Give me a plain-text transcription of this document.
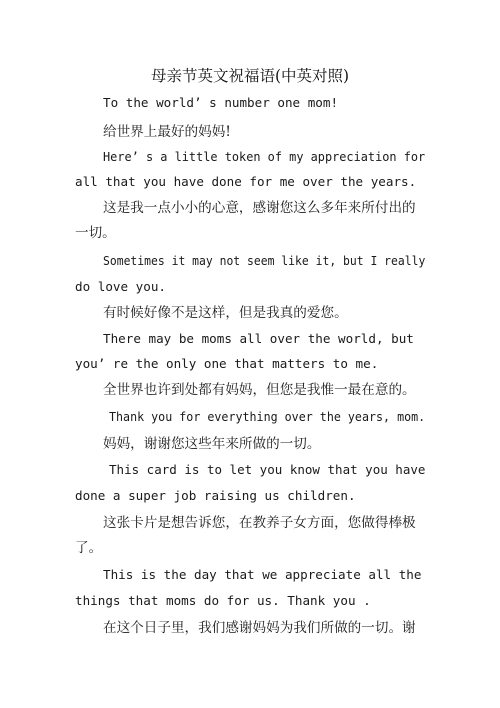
母亲节英文祝福语(中英对照)
To the world’ s number one mom!
给世界上最好的妈妈!
Here’ s a little token of my appreciation for
all that you have done for me over the years.
这是我一点小小的心意，感谢您这么多年来所付出的
一切。
Sometimes it may not seem like it, but I really
do love you.
有时候好像不是这样，但是我真的爱您。
There may be moms all over the world, but
you’ re the only one that matters to me.
全世界也许到处都有妈妈，但您是我惟一最在意的。
Thank you for everything over the years, mom.
妈妈，谢谢您这些年来所做的一切。
This card is to let you know that you have
done a super job raising us children.
这张卡片是想告诉您，在教养子女方面，您做得棒极
了。
This is the day that we appreciate all the
things that moms do for us. Thank you .
在这个日子里，我们感谢妈妈为我们所做的一切。谢
